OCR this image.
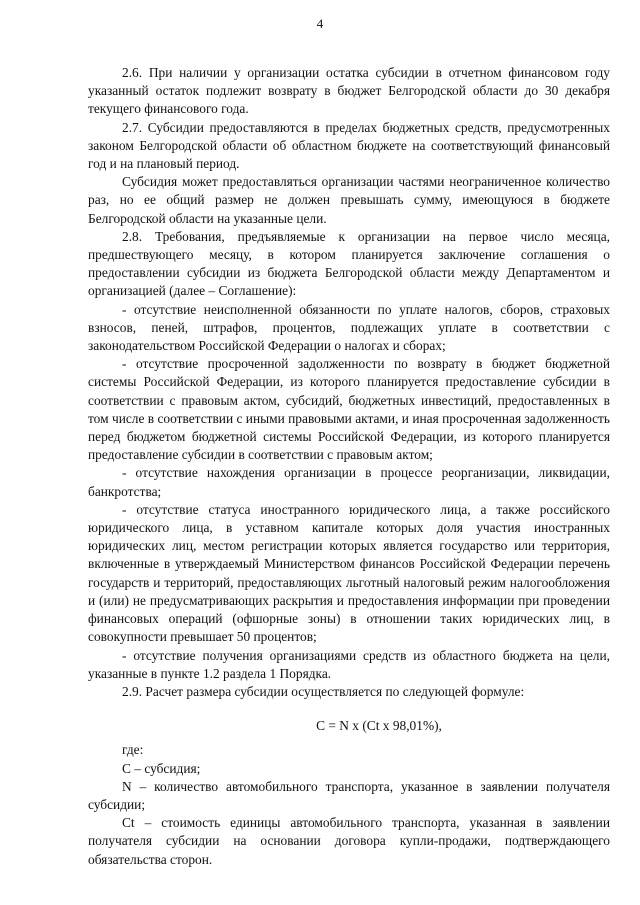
4

2.6. При наличии у организации остатка субсидии в отчетном финансовом году указанный остаток подлежит возврату в бюджет Белгородской области до 30 декабря текущего финансового года.

2.7. Субсидии предоставляются в пределах бюджетных средств, предусмотренных законом Белгородской области об областном бюджете на соответствующий финансовый год и на плановый период.

Субсидия может предоставляться организации частями неограниченное количество раз, но ее общий размер не должен превышать сумму, имеющуюся в бюджете Белгородской области на указанные цели.

2.8. Требования, предъявляемые к организации на первое число месяца, предшествующего месяцу, в котором планируется заключение соглашения о предоставлении субсидии из бюджета Белгородской области между Департаментом и организацией (далее – Соглашение):

- отсутствие неисполненной обязанности по уплате налогов, сборов, страховых взносов, пеней, штрафов, процентов, подлежащих уплате в соответствии с законодательством Российской Федерации о налогах и сборах;

- отсутствие просроченной задолженности по возврату в бюджет бюджетной системы Российской Федерации, из которого планируется предоставление субсидии в соответствии с правовым актом, субсидий, бюджетных инвестиций, предоставленных в том числе в соответствии с иными правовыми актами, и иная просроченная задолженность перед бюджетом бюджетной системы Российской Федерации, из которого планируется предоставление субсидии в соответствии с правовым актом;

- отсутствие нахождения организации в процессе реорганизации, ликвидации, банкротства;

- отсутствие статуса иностранного юридического лица, а также российского юридического лица, в уставном капитале которых доля участия иностранных юридических лиц, местом регистрации которых является государство или территория, включенные в утверждаемый Министерством финансов Российской Федерации перечень государств и территорий, предоставляющих льготный налоговый режим налогообложения и (или) не предусматривающих раскрытия и предоставления информации при проведении финансовых операций (офшорные зоны) в отношении таких юридических лиц, в совокупности превышает 50 процентов;

- отсутствие получения организациями средств из областного бюджета на цели, указанные в пункте 1.2 раздела 1 Порядка.

2.9. Расчет размера субсидии осуществляется по следующей формуле:

C = N x (Ct x 98,01%),

где:

C – субсидия;

N – количество автомобильного транспорта, указанное в заявлении получателя субсидии;

Ct – стоимость единицы автомобильного транспорта, указанная в заявлении получателя субсидии на основании договора купли-продажи, подтверждающего обязательства сторон.
